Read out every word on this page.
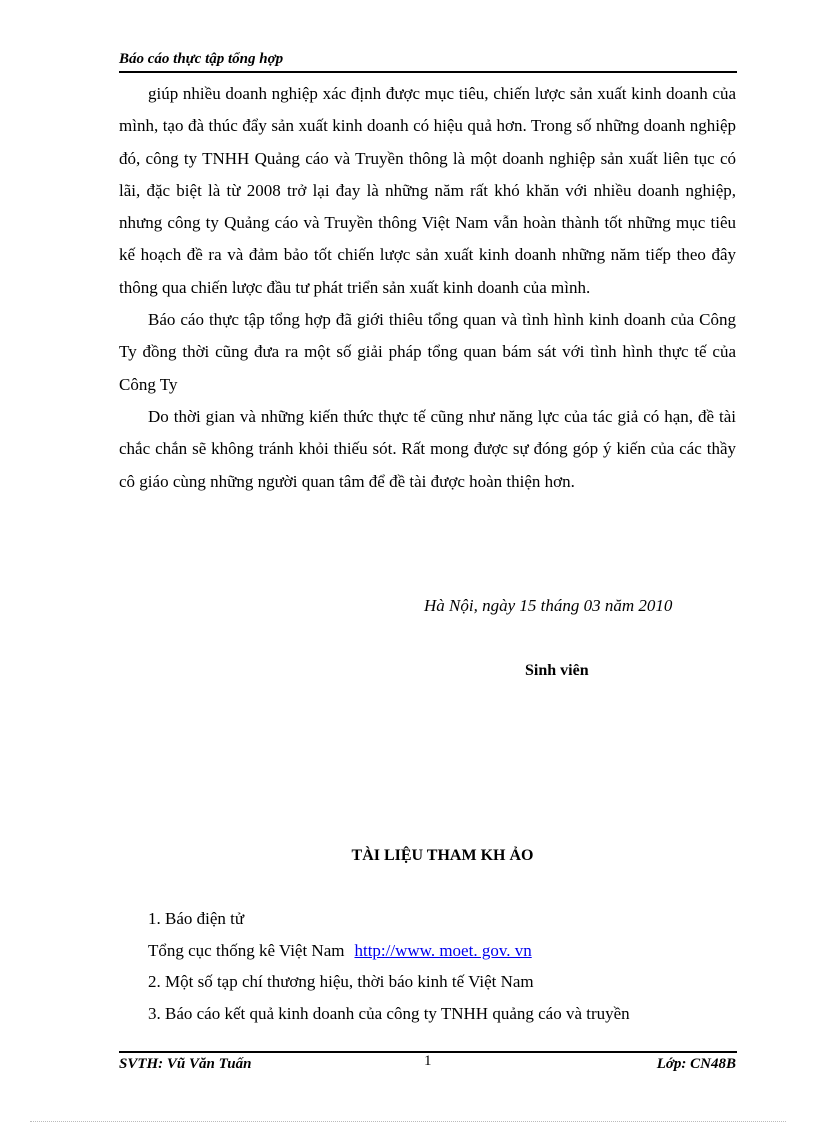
Báo cáo thực tập tổng hợp

giúp nhiều doanh nghiệp xác định được mục tiêu, chiến lược sản xuất kinh doanh của mình, tạo đà thúc đẩy sản xuất kinh doanh có hiệu quả hơn. Trong số những doanh nghiệp đó, công ty TNHH Quảng cáo và Truyền thông là một doanh nghiệp sản xuất liên tục có lãi, đặc biệt là từ 2008 trở lại đay là những năm rất khó khăn với nhiều doanh nghiệp, nhưng công ty Quảng cáo và Truyền thông Việt Nam vẫn hoàn thành tốt những mục tiêu kế hoạch đề ra và đảm bảo tốt chiến lược sản xuất kinh doanh những năm tiếp theo đây thông qua chiến lược đầu tư phát triển sản xuất kinh doanh của mình.

Báo cáo thực tập tổng hợp đã giới thiêu tổng quan và tình hình kinh doanh của Công Ty đồng thời cũng đưa ra một số giải pháp tổng quan bám sát với tình hình thực tế của Công Ty

Do thời gian và những kiến thức thực tế cũng như năng lực của tác giả có hạn, đề tài chắc chắn sẽ không tránh khỏi thiếu sót. Rất mong được sự đóng góp ý kiến của các thầy cô giáo cùng những người quan tâm để đề tài được hoàn thiện hơn.

Hà Nội, ngày 15 tháng 03 năm 2010
Sinh viên
TÀI LIỆU THAM KH ẢO
1. Báo điện tử
Tổng cục thống kê Việt Nam http://www. moet. gov. vn
2. Một số tạp chí thương hiệu, thời báo kinh tế Việt Nam
3. Báo cáo kết quả kinh doanh của công ty TNHH quảng cáo và truyền
SVTH: Vũ Văn Tuấn	1	Lớp: CN48B
